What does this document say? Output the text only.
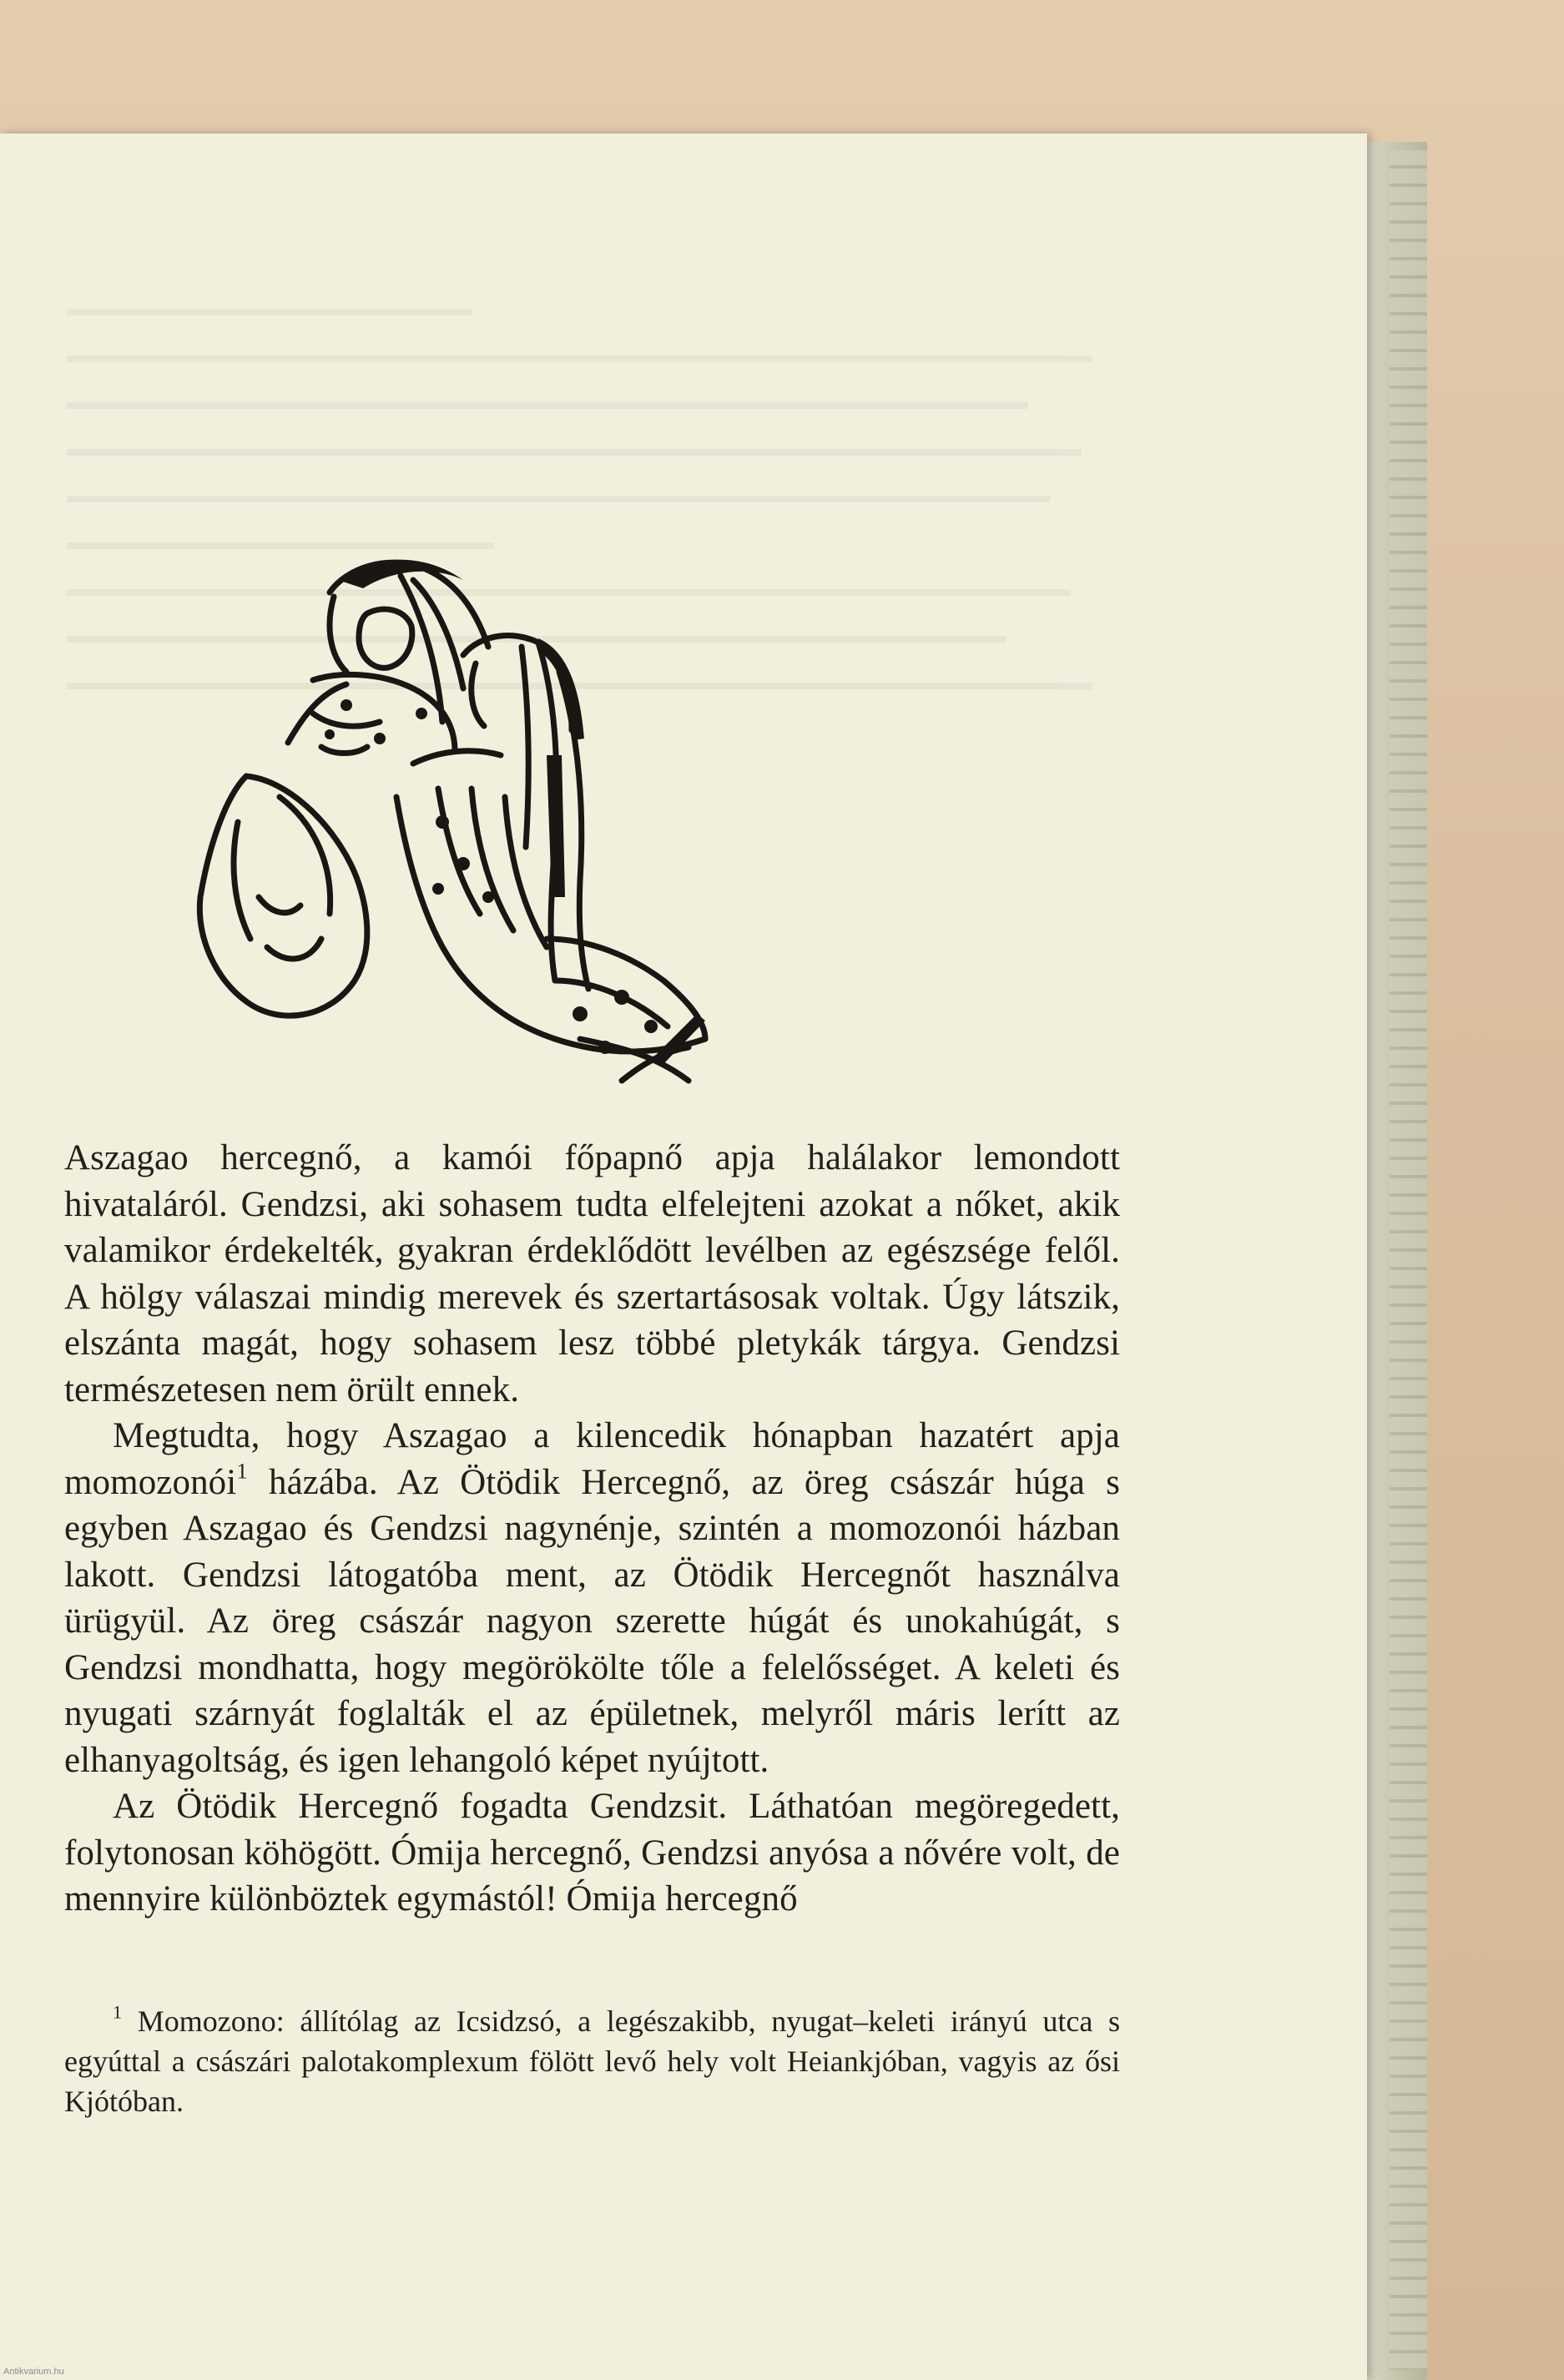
Aszagao hercegnő, a kamói főpapnő apja halálakor lemondott hivataláról. Gendzsi, aki sohasem tudta elfelejteni azokat a nőket, akik valamikor érdekelték, gyakran érdeklődött levélben az egészsége felől. A hölgy válaszai mindig merevek és szertartásosak voltak. Úgy látszik, elszánta magát, hogy sohasem lesz többé pletykák tárgya. Gendzsi természetesen nem örült ennek.

Megtudta, hogy Aszagao a kilencedik hónapban hazatért apja momozonói$^1$ házába. Az Ötödik Hercegnő, az öreg császár húga s egyben Aszagao és Gendzsi nagynénje, szintén a momozonói házban lakott. Gendzsi látogatóba ment, az Ötödik Hercegnőt használva ürügyül. Az öreg császár nagyon szerette húgát és unokahúgát, s Gendzsi mondhatta, hogy megörökölte tőle a felelősséget. A keleti és nyugati szárnyát foglalták el az épületnek, melyről máris lerítt az elhanyagoltság, és igen lehangoló képet nyújtott.

Az Ötödik Hercegnő fogadta Gendzsit. Láthatóan megöregedett, folytonosan köhögött. Ómija hercegnő, Gendzsi anyósa a nővére volt, de mennyire különböztek egymástól! Ómija hercegnő

$^1$ Momozono: állítólag az Icsidzsó, a legészakibb, nyugat–keleti irányú utca s egyúttal a császári palotakomplexum fölött levő hely volt Heiankjóban, vagyis az ősi Kjótóban.
Antikvarium.hu
